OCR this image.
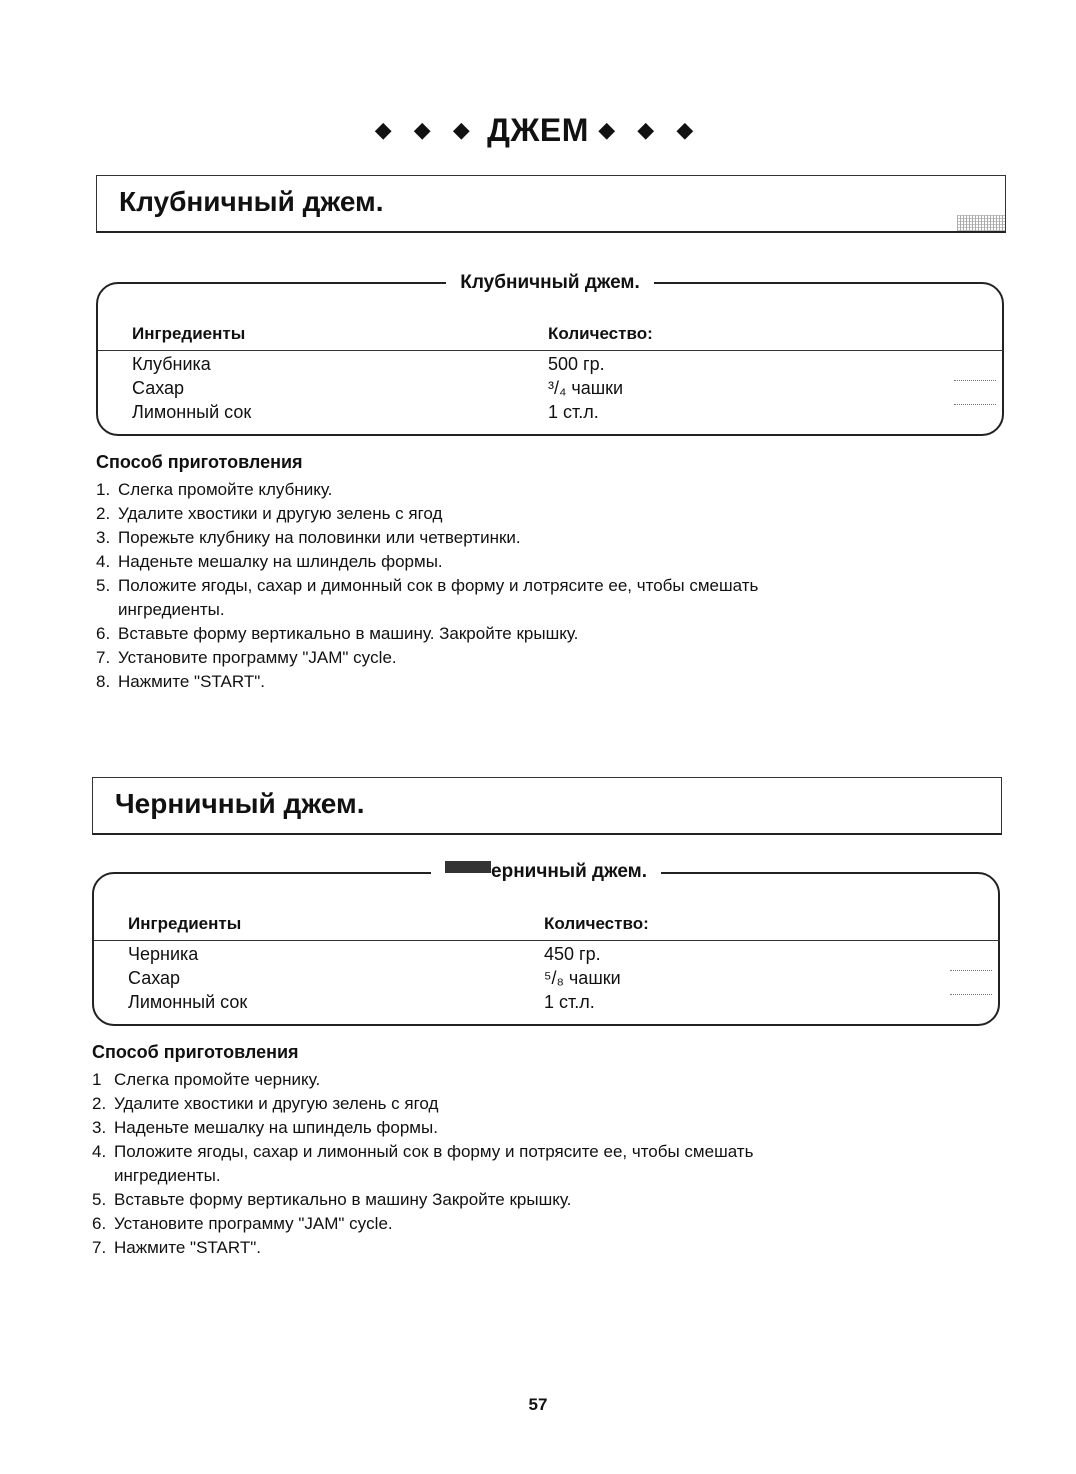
◆ ◆ ◆ ДЖЕМ ◆ ◆ ◆
Клубничный джем.
Клубничный джем.
Ингредиенты	Количество:
Клубника	500 гр.
Сахар	³/₄ чашки
Лимонный сок	1 ст.л.
Способ приготовления
1. Слегка промойте клубнику.
2. Удалите хвостики и другую зелень с ягод
3. Порежьте клубнику на половинки или четвертинки.
4. Наденьте мешалку на шлиндель формы.
5. Положите ягоды, сахар и димонный сок в форму и лотрясите ее, чтобы смешать
ингредиенты.
6. Вставьте форму вертикально в машину. Закройте крышку.
7. Установите программу "JAM" cycle.
8. Нажмите "START".
Черничный джем.
ерничный джем.
Ингредиенты	Количество:
Черника	450 гр.
Сахар	⁵/₈ чашки
Лимонный сок	1 ст.л.
Способ приготовления
1 Слегка промойте чернику.
2. Удалите хвостики и другую зелень с ягод
3. Наденьте мешалку на шпиндель формы.
4. Положите ягоды, сахар и лимонный сок в форму и потрясите ее, чтобы смешать
ингредиенты.
5. Вставьте форму вертикально в машину Закройте крышку.
6. Установите программу "JAM" cycle.
7. Нажмите "START".
57
